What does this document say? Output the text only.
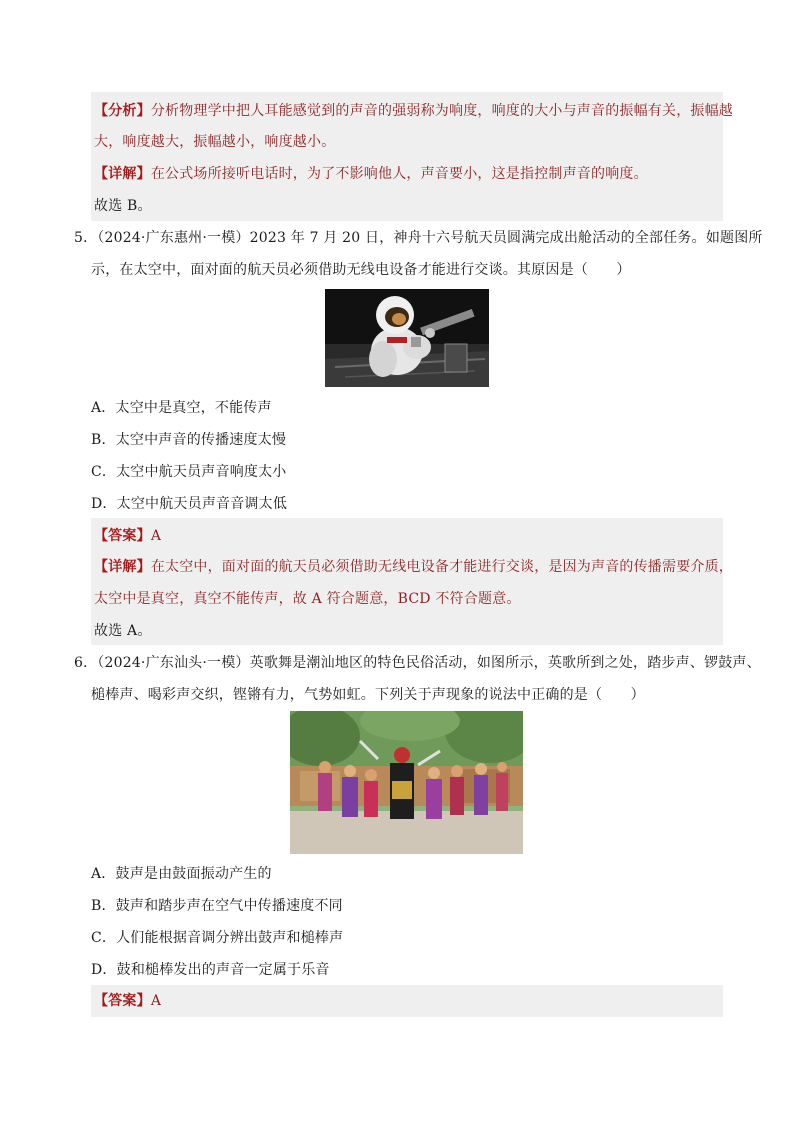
【分析】分析物理学中把人耳能感觉到的声音的强弱称为响度，响度的大小与声音的振幅有关，振幅越
大，响度越大，振幅越小，响度越小。
【详解】在公式场所接听电话时，为了不影响他人，声音要小，这是指控制声音的响度。
故选 B。
5．（2024·广东惠州·一模）2023 年 7 月 20 日，神舟十六号航天员圆满完成出舱活动的全部任务。如题图所
示，在太空中，面对面的航天员必须借助无线电设备才能进行交谈。其原因是（　　）
A．太空中是真空，不能传声
B．太空中声音的传播速度太慢
C．太空中航天员声音响度太小
D．太空中航天员声音音调太低
【答案】A
【详解】在太空中，面对面的航天员必须借助无线电设备才能进行交谈，是因为声音的传播需要介质，
太空中是真空，真空不能传声，故 A 符合题意，BCD 不符合题意。
故选 A。
6．（2024·广东汕头·一模）英歌舞是潮汕地区的特色民俗活动，如图所示，英歌所到之处，踏步声、锣鼓声、
槌棒声、喝彩声交织，铿锵有力，气势如虹。下列关于声现象的说法中正确的是（　　）
A．鼓声是由鼓面振动产生的
B．鼓声和踏步声在空气中传播速度不同
C．人们能根据音调分辨出鼓声和槌棒声
D．鼓和槌棒发出的声音一定属于乐音
【答案】A
